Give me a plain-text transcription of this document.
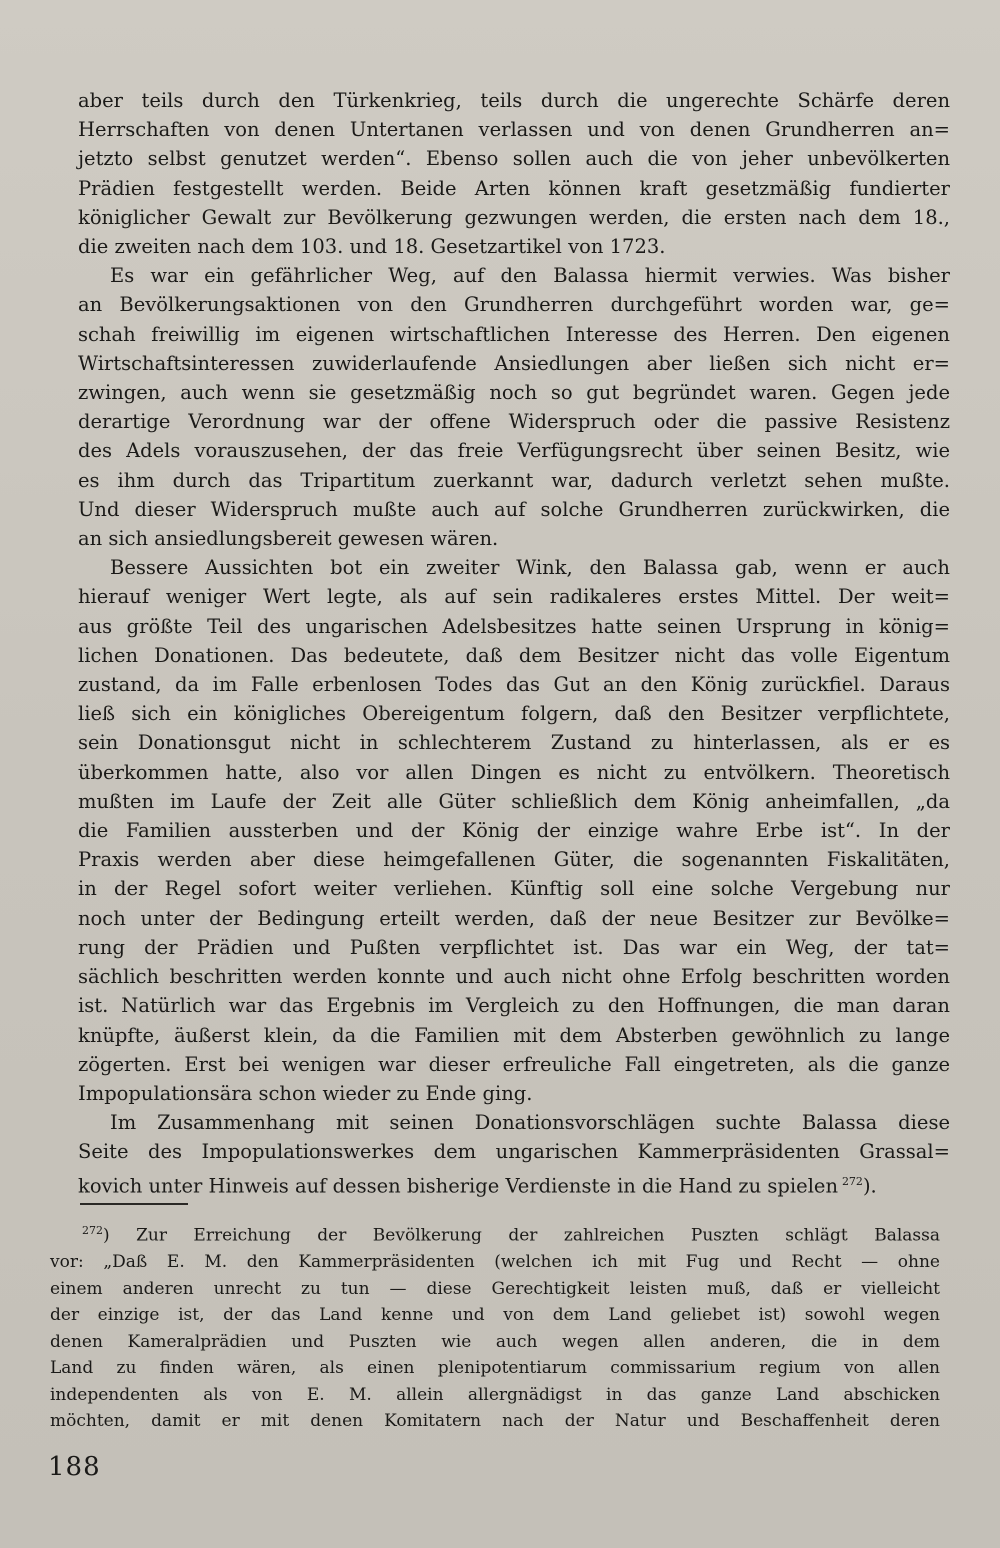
aber teils durch den Türkenkrieg, teils durch die ungerechte Schärfe deren
Herrschaften von denen Untertanen verlassen und von denen Grundherren an=
jetzto selbst genutzet werden“. Ebenso sollen auch die von jeher unbevölkerten
Prädien festgestellt werden. Beide Arten können kraft gesetzmäßig fundierter
königlicher Gewalt zur Bevölkerung gezwungen werden, die ersten nach dem 18.,
die zweiten nach dem 103. und 18. Gesetzartikel von 1723.

Es war ein gefährlicher Weg, auf den Balassa hiermit verwies. Was bisher
an Bevölkerungsaktionen von den Grundherren durchgeführt worden war, ge=
schah freiwillig im eigenen wirtschaftlichen Interesse des Herren. Den eigenen
Wirtschaftsinteressen zuwiderlaufende Ansiedlungen aber ließen sich nicht er=
zwingen, auch wenn sie gesetzmäßig noch so gut begründet waren. Gegen jede
derartige Verordnung war der offene Widerspruch oder die passive Resistenz
des Adels vorauszusehen, der das freie Verfügungsrecht über seinen Besitz, wie
es ihm durch das Tripartitum zuerkannt war, dadurch verletzt sehen mußte.
Und dieser Widerspruch mußte auch auf solche Grundherren zurückwirken, die
an sich ansiedlungsbereit gewesen wären.

Bessere Aussichten bot ein zweiter Wink, den Balassa gab, wenn er auch
hierauf weniger Wert legte, als auf sein radikaleres erstes Mittel. Der weit=
aus größte Teil des ungarischen Adelsbesitzes hatte seinen Ursprung in könig=
lichen Donationen. Das bedeutete, daß dem Besitzer nicht das volle Eigentum
zustand, da im Falle erbenlosen Todes das Gut an den König zurückfiel. Daraus
ließ sich ein königliches Obereigentum folgern, daß den Besitzer verpflichtete,
sein Donationsgut nicht in schlechterem Zustand zu hinterlassen, als er es
überkommen hatte, also vor allen Dingen es nicht zu entvölkern. Theoretisch
mußten im Laufe der Zeit alle Güter schließlich dem König anheimfallen, „da
die Familien aussterben und der König der einzige wahre Erbe ist“. In der
Praxis werden aber diese heimgefallenen Güter, die sogenannten Fiskalitäten,
in der Regel sofort weiter verliehen. Künftig soll eine solche Vergebung nur
noch unter der Bedingung erteilt werden, daß der neue Besitzer zur Bevölke=
rung der Prädien und Pußten verpflichtet ist. Das war ein Weg, der tat=
sächlich beschritten werden konnte und auch nicht ohne Erfolg beschritten worden
ist. Natürlich war das Ergebnis im Vergleich zu den Hoffnungen, die man daran
knüpfte, äußerst klein, da die Familien mit dem Absterben gewöhnlich zu lange
zögerten. Erst bei wenigen war dieser erfreuliche Fall eingetreten, als die ganze
Impopulationsära schon wieder zu Ende ging.

Im Zusammenhang mit seinen Donationsvorschlägen suchte Balassa diese
Seite des Impopulationswerkes dem ungarischen Kammerpräsidenten Grassal=
kovich unter Hinweis auf dessen bisherige Verdienste in die Hand zu spielen  $^{272}$).

$^{272}$) Zur Erreichung der Bevölkerung der zahlreichen Puszten schlägt Balassa
vor: „Daß E. M. den Kammerpräsidenten (welchen ich mit Fug und Recht — ohne
einem anderen unrecht zu tun — diese Gerechtigkeit leisten muß, daß er vielleicht
der einzige ist, der das Land kenne und von dem Land geliebet ist) sowohl wegen
denen Kameralprädien und Puszten wie auch wegen allen anderen, die in dem
Land zu finden wären, als einen plenipotentiarum commissarium regium von allen
independenten als von E. M. allein allergnädigst in das ganze Land abschicken
möchten, damit er mit denen Komitatern nach der Natur und Beschaffenheit deren
188
